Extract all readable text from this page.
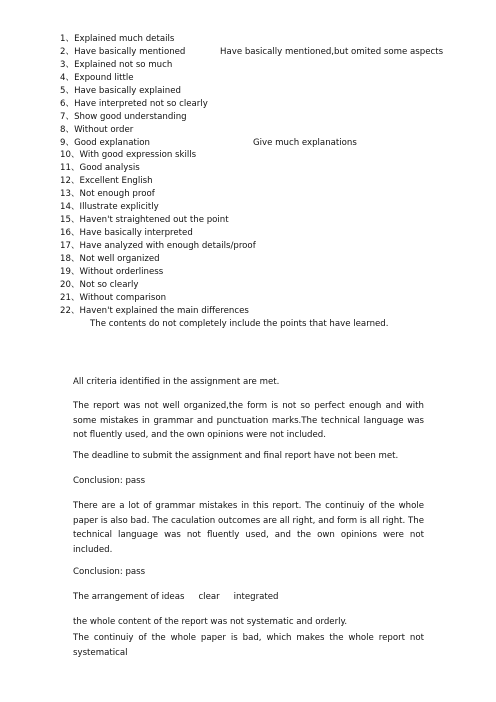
1、Explained much details
2、Have basically mentioned	Have basically mentioned,but omited some aspects
3、Explained not so much
4、Expound little
5、Have basically explained
6、Have interpreted not so clearly
7、Show good understanding
8、Without order
9、Good explanation	Give much explanations
10、With good expression skills
11、Good analysis
12、Excellent English
13、Not enough proof
14、Illustrate explicitly
15、Haven't straightened out the point
16、Have basically interpreted
17、Have analyzed with enough details/proof
18、Not well organized
19、Without orderliness
20、Not so clearly
21、Without comparison
22、Haven't explained the main differences
The contents do not completely include the points that have learned.

All criteria identified in the assignment are met.

The report was not well organized,the form is not so perfect enough and with some mistakes in grammar and punctuation marks.The technical language was not fluently used, and the own opinions were not included.

The deadline to submit the assignment and final report have not been met.

Conclusion: pass

There are a lot of grammar mistakes in this report. The continuiy of the whole paper is also bad. The caculation outcomes are all right, and form is all right. The technical language was not fluently used, and the own opinions were not included.

Conclusion: pass

The arrangement of ideas clear integrated

the whole content of the report was not systematic and orderly.

The continuiy of the whole paper is bad, which makes the whole report not systematical
